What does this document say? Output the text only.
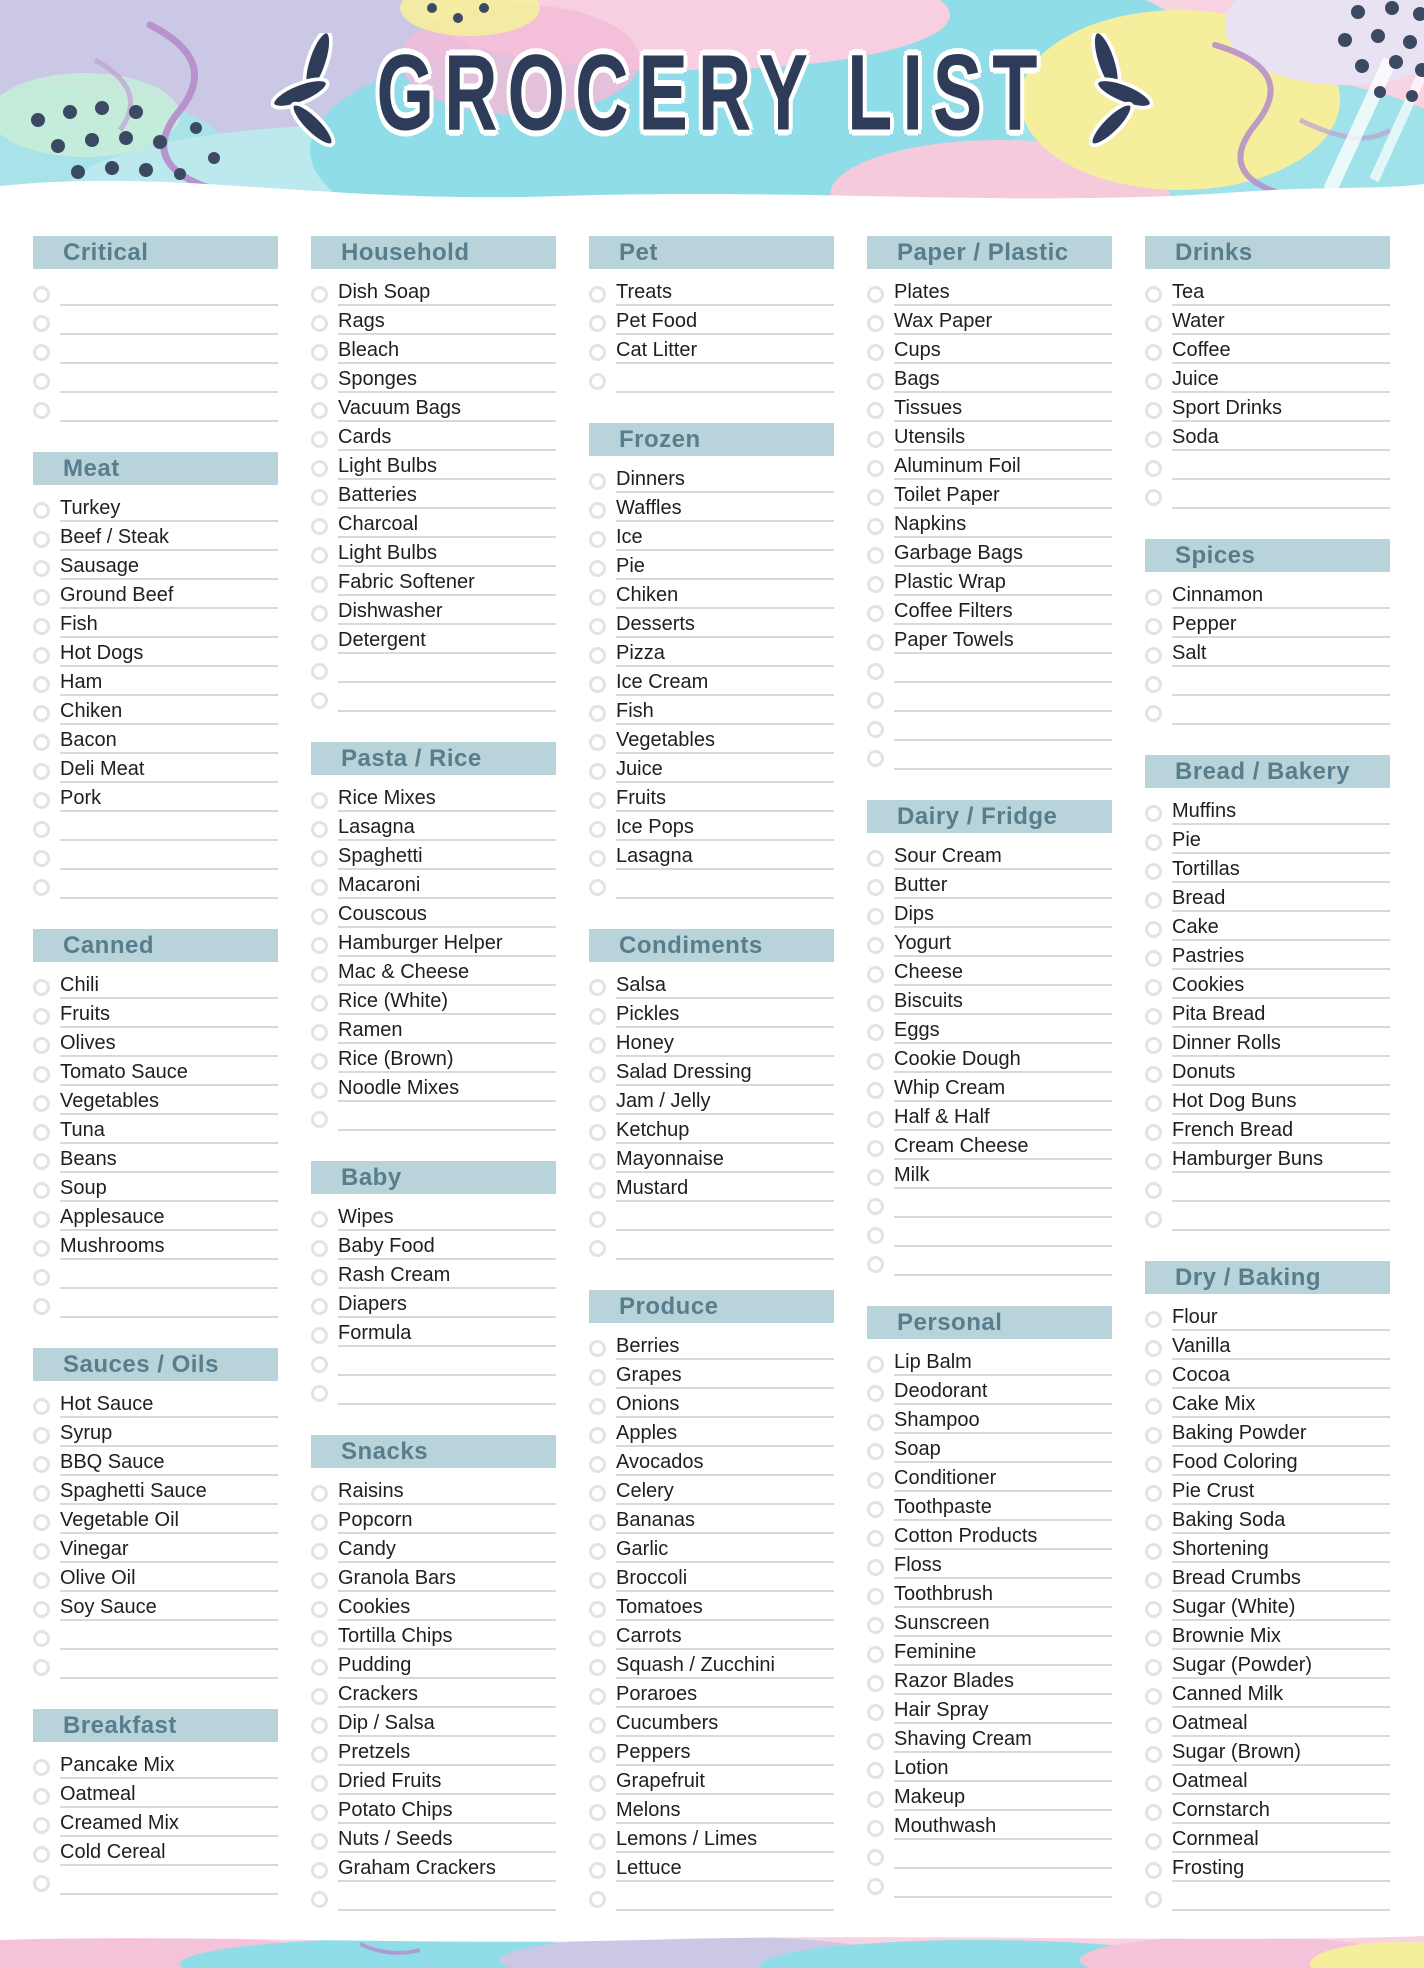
GROCERY LIST
Critical
Meat
Turkey
Beef / Steak
Sausage
Ground Beef
Fish
Hot Dogs
Ham
Chiken
Bacon
Deli Meat
Pork
Canned
Chili
Fruits
Olives
Tomato Sauce
Vegetables
Tuna
Beans
Soup
Applesauce
Mushrooms
Sauces / Oils
Hot Sauce
Syrup
BBQ Sauce
Spaghetti Sauce
Vegetable Oil
Vinegar
Olive Oil
Soy Sauce
Breakfast
Pancake Mix
Oatmeal
Creamed Mix
Cold Cereal
Household
Dish Soap
Rags
Bleach
Sponges
Vacuum Bags
Cards
Light Bulbs
Batteries
Charcoal
Light Bulbs
Fabric Softener
Dishwasher
Detergent
Pasta / Rice
Rice Mixes
Lasagna
Spaghetti
Macaroni
Couscous
Hamburger Helper
Mac & Cheese
Rice (White)
Ramen
Rice (Brown)
Noodle Mixes
Baby
Wipes
Baby Food
Rash Cream
Diapers
Formula
Snacks
Raisins
Popcorn
Candy
Granola Bars
Cookies
Tortilla Chips
Pudding
Crackers
Dip / Salsa
Pretzels
Dried Fruits
Potato Chips
Nuts / Seeds
Graham Crackers
Pet
Treats
Pet Food
Cat Litter
Frozen
Dinners
Waffles
Ice
Pie
Chiken
Desserts
Pizza
Ice Cream
Fish
Vegetables
Juice
Fruits
Ice Pops
Lasagna
Condiments
Salsa
Pickles
Honey
Salad Dressing
Jam / Jelly
Ketchup
Mayonnaise
Mustard
Produce
Berries
Grapes
Onions
Apples
Avocados
Celery
Bananas
Garlic
Broccoli
Tomatoes
Carrots
Squash / Zucchini
Poraroes
Cucumbers
Peppers
Grapefruit
Melons
Lemons / Limes
Lettuce
Paper / Plastic
Plates
Wax Paper
Cups
Bags
Tissues
Utensils
Aluminum Foil
Toilet Paper
Napkins
Garbage Bags
Plastic Wrap
Coffee Filters
Paper Towels
Dairy / Fridge
Sour Cream
Butter
Dips
Yogurt
Cheese
Biscuits
Eggs
Cookie Dough
Whip Cream
Half & Half
Cream Cheese
Milk
Personal
Lip Balm
Deodorant
Shampoo
Soap
Conditioner
Toothpaste
Cotton Products
Floss
Toothbrush
Sunscreen
Feminine
Razor Blades
Hair Spray
Shaving Cream
Lotion
Makeup
Mouthwash
Drinks
Tea
Water
Coffee
Juice
Sport Drinks
Soda
Spices
Cinnamon
Pepper
Salt
Bread / Bakery
Muffins
Pie
Tortillas
Bread
Cake
Pastries
Cookies
Pita Bread
Dinner Rolls
Donuts
Hot Dog Buns
French Bread
Hamburger Buns
Dry / Baking
Flour
Vanilla
Cocoa
Cake Mix
Baking Powder
Food Coloring
Pie Crust
Baking Soda
Shortening
Bread Crumbs
Sugar (White)
Brownie Mix
Sugar (Powder)
Canned Milk
Oatmeal
Sugar (Brown)
Oatmeal
Cornstarch
Cornmeal
Frosting
